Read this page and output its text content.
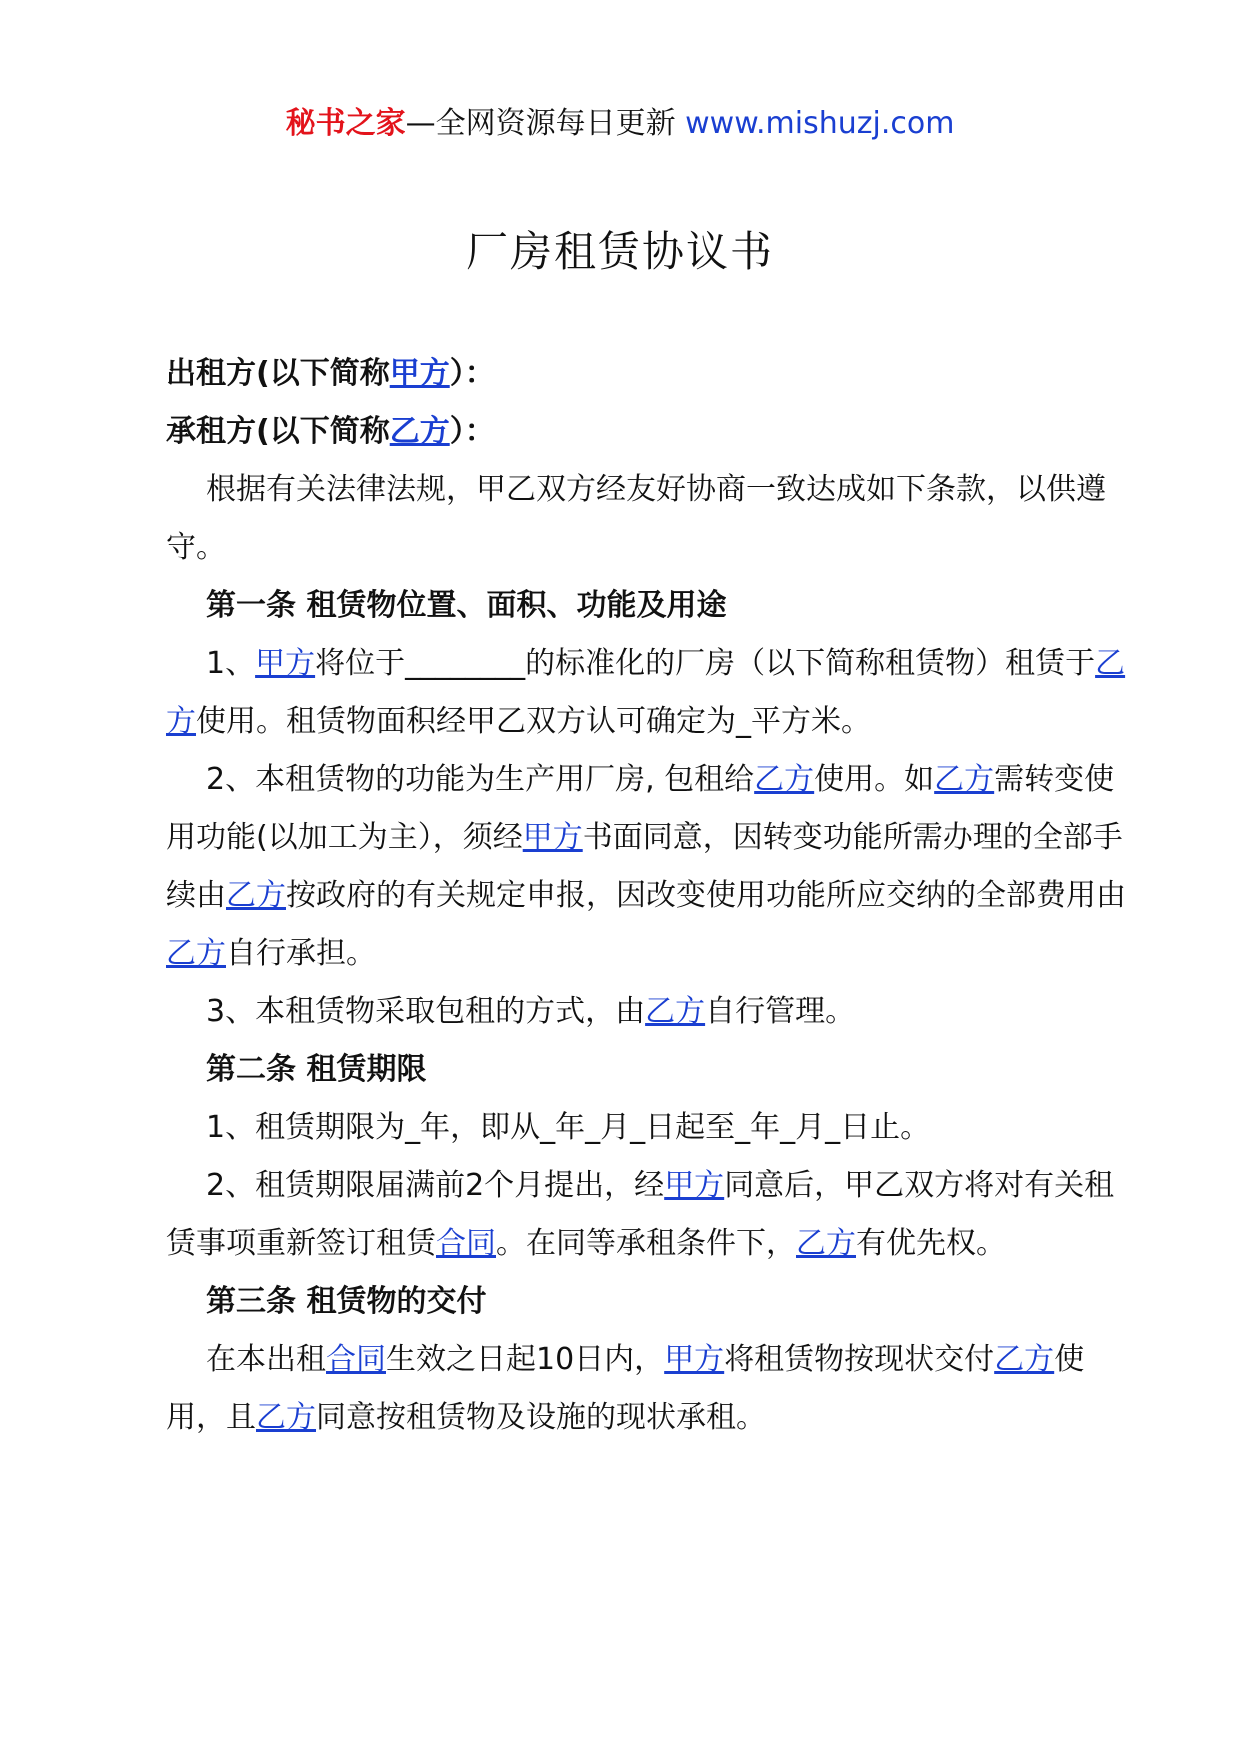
秘书之家—全网资源每日更新 www.mishuzj.com
厂房租赁协议书

出租方(以下简称甲方）：

承租方(以下简称乙方）：

根据有关法律法规，甲乙双方经友好协商一致达成如下条款，以供遵守。

第一条 租赁物位置、面积、功能及用途

1、甲方将位于________的标准化的厂房（以下简称租赁物）租赁于乙方使用。租赁物面积经甲乙双方认可确定为_平方米。

2、本租赁物的功能为生产用厂房, 包租给乙方使用。如乙方需转变使用功能(以加工为主），须经甲方书面同意，因转变功能所需办理的全部手续由乙方按政府的有关规定申报，因改变使用功能所应交纳的全部费用由乙方自行承担。

3、本租赁物采取包租的方式，由乙方自行管理。

第二条 租赁期限

1、租赁期限为_年，即从_年_月_日起至_年_月_日止。

2、租赁期限届满前2个月提出，经甲方同意后，甲乙双方将对有关租赁事项重新签订租赁合同。在同等承租条件下，乙方有优先权。

第三条 租赁物的交付

在本出租合同生效之日起10日内，甲方将租赁物按现状交付乙方使用，且乙方同意按租赁物及设施的现状承租。
